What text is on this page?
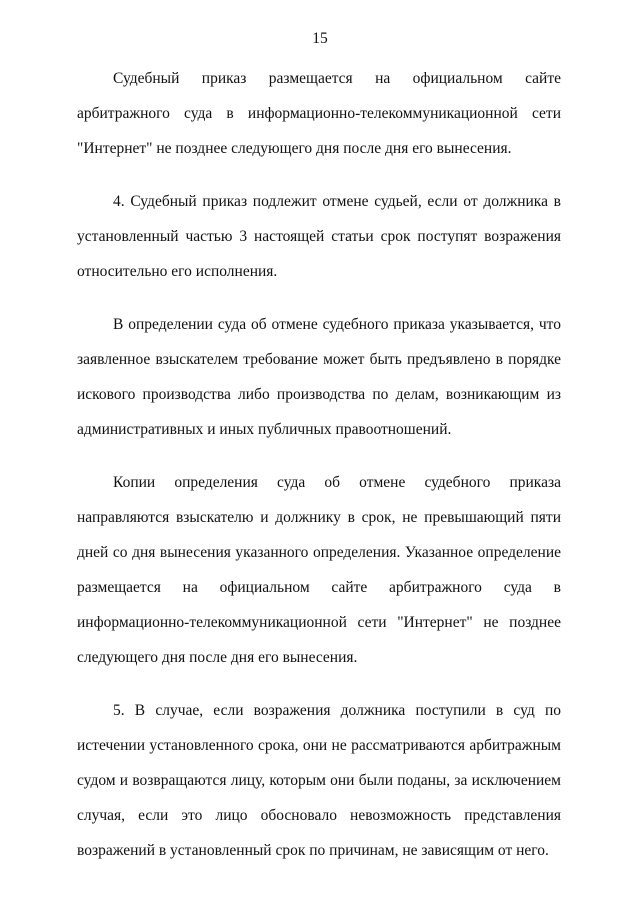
15

Судебный приказ размещается на официальном сайте арбитражного суда в информационно-телекоммуникационной сети "Интернет" не позднее следующего дня после дня его вынесения.

4. Судебный приказ подлежит отмене судьей, если от должника в установленный частью 3 настоящей статьи срок поступят возражения относительно его исполнения.

В определении суда об отмене судебного приказа указывается, что заявленное взыскателем требование может быть предъявлено в порядке искового производства либо производства по делам, возникающим из административных и иных публичных правоотношений.

Копии определения суда об отмене судебного приказа направляются взыскателю и должнику в срок, не превышающий пяти дней со дня вынесения указанного определения. Указанное определение размещается на официальном сайте арбитражного суда в информационно-телекоммуникационной сети "Интернет" не позднее следующего дня после дня его вынесения.

5. В случае, если возражения должника поступили в суд по истечении установленного срока, они не рассматриваются арбитражным судом и возвращаются лицу, которым они были поданы, за исключением случая, если это лицо обосновало невозможность представления возражений в установленный срок по причинам, не зависящим от него.
